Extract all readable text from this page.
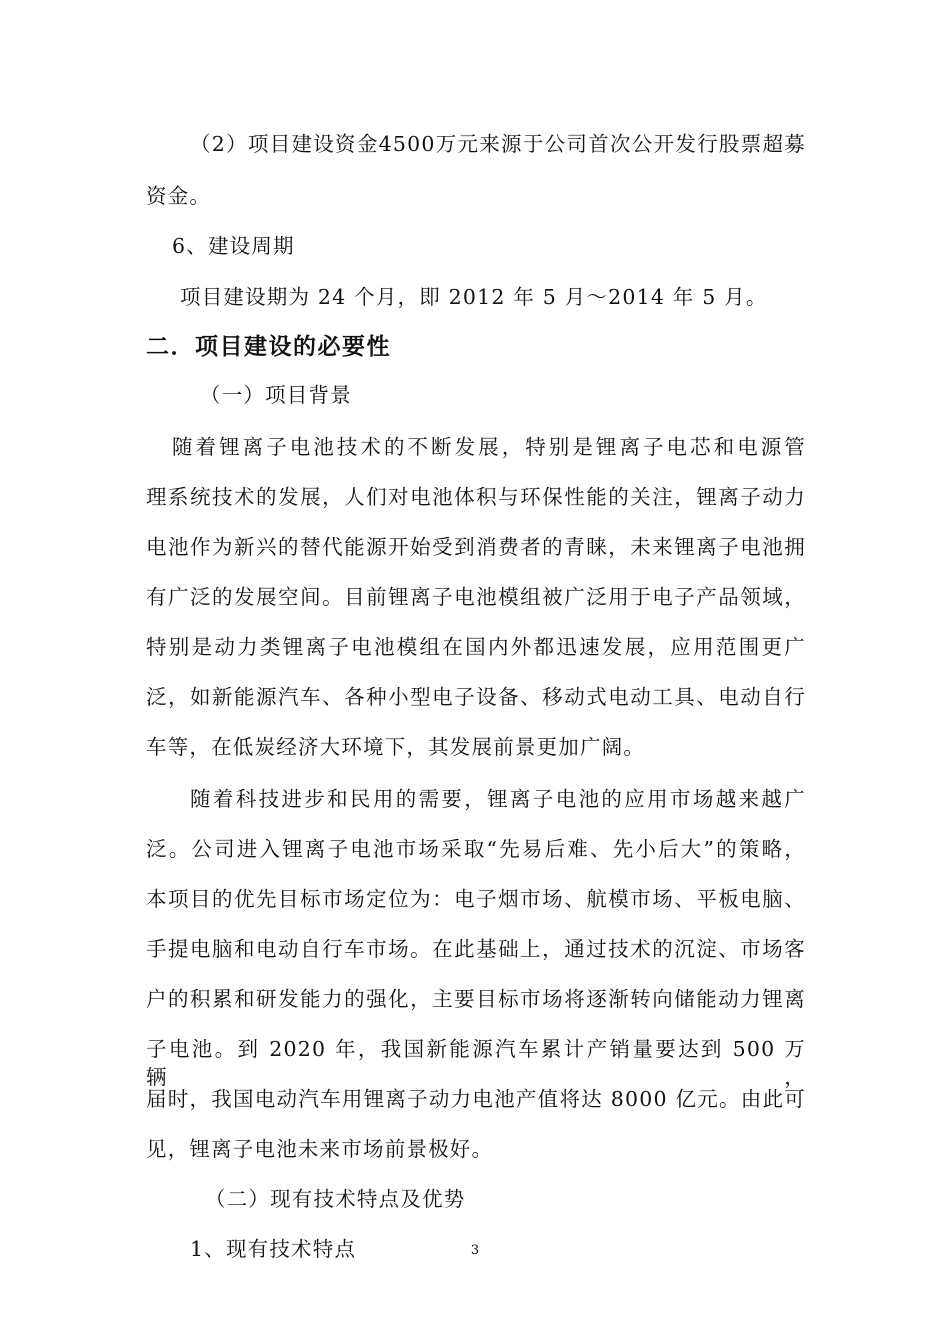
（2）项目建设资金4500万元来源于公司首次公开发行股票超募
资金。
6、建设周期
项目建设期为 24 个月，即 2012 年 5 月～2014 年 5 月。
二．项目建设的必要性
（一）项目背景
随着锂离子电池技术的不断发展，特别是锂离子电芯和电源管
理系统技术的发展，人们对电池体积与环保性能的关注，锂离子动力
电池作为新兴的替代能源开始受到消费者的青睐，未来锂离子电池拥
有广泛的发展空间。目前锂离子电池模组被广泛用于电子产品领域，
特别是动力类锂离子电池模组在国内外都迅速发展，应用范围更广
泛，如新能源汽车、各种小型电子设备、移动式电动工具、电动自行
车等，在低炭经济大环境下，其发展前景更加广阔。
随着科技进步和民用的需要，锂离子电池的应用市场越来越广
泛。公司进入锂离子电池市场采取“先易后难、先小后大”的策略，
本项目的优先目标市场定位为：电子烟市场、航模市场、平板电脑、
手提电脑和电动自行车市场。在此基础上，通过技术的沉淀、市场客
户的积累和研发能力的强化，主要目标市场将逐渐转向储能动力锂离
子电池。到 2020 年，我国新能源汽车累计产销量要达到 500 万辆，
届时，我国电动汽车用锂离子动力电池产值将达 8000 亿元。由此可
见，锂离子电池未来市场前景极好。
（二）现有技术特点及优势
1、现有技术特点	3
